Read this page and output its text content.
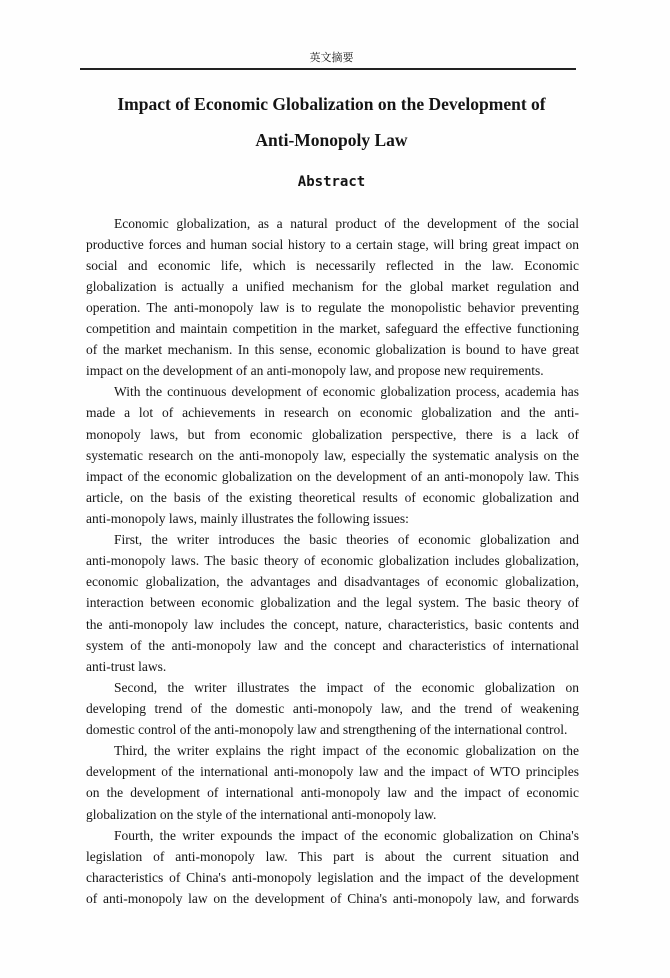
英文摘要
Impact of Economic Globalization on the Development of
Anti-Monopoly Law
Abstract
Economic globalization, as a natural product of the development of the social
productive forces and human social history to a certain stage, will bring great impact on
social and economic life, which is necessarily reflected in the law. Economic
globalization is actually a unified mechanism for the global market regulation and
operation. The anti-monopoly law is to regulate the monopolistic behavior preventing
competition and maintain competition in the market, safeguard the effective functioning
of the market mechanism. In this sense, economic globalization is bound to have great
impact on the development of an anti-monopoly law, and propose new requirements.
With the continuous development of economic globalization process, academia has
made a lot of achievements in research on economic globalization and the anti-
monopoly laws, but from economic globalization perspective, there is a lack of
systematic research on the anti-monopoly law, especially the systematic analysis on the
impact of the economic globalization on the development of an anti-monopoly law. This
article, on the basis of the existing theoretical results of economic globalization and
anti-monopoly laws, mainly illustrates the following issues:
First, the writer introduces the basic theories of economic globalization and
anti-monopoly laws. The basic theory of economic globalization includes globalization,
economic globalization, the advantages and disadvantages of economic globalization,
interaction between economic globalization and the legal system. The basic theory of
the anti-monopoly law includes the concept, nature, characteristics, basic contents and
system of the anti-monopoly law and the concept and characteristics of international
anti-trust laws.
Second, the writer illustrates the impact of the economic globalization on
developing trend of the domestic anti-monopoly law, and the trend of weakening
domestic control of the anti-monopoly law and strengthening of the international control.
Third, the writer explains the right impact of the economic globalization on the
development of the international anti-monopoly law and the impact of WTO principles
on the development of international anti-monopoly law and the impact of economic
globalization on the style of the international anti-monopoly law.
Fourth, the writer expounds the impact of the economic globalization on China's
legislation of anti-monopoly law. This part is about the current situation and
characteristics of China's anti-monopoly legislation and the impact of the development
of anti-monopoly law on the development of China's anti-monopoly law, and forwards
